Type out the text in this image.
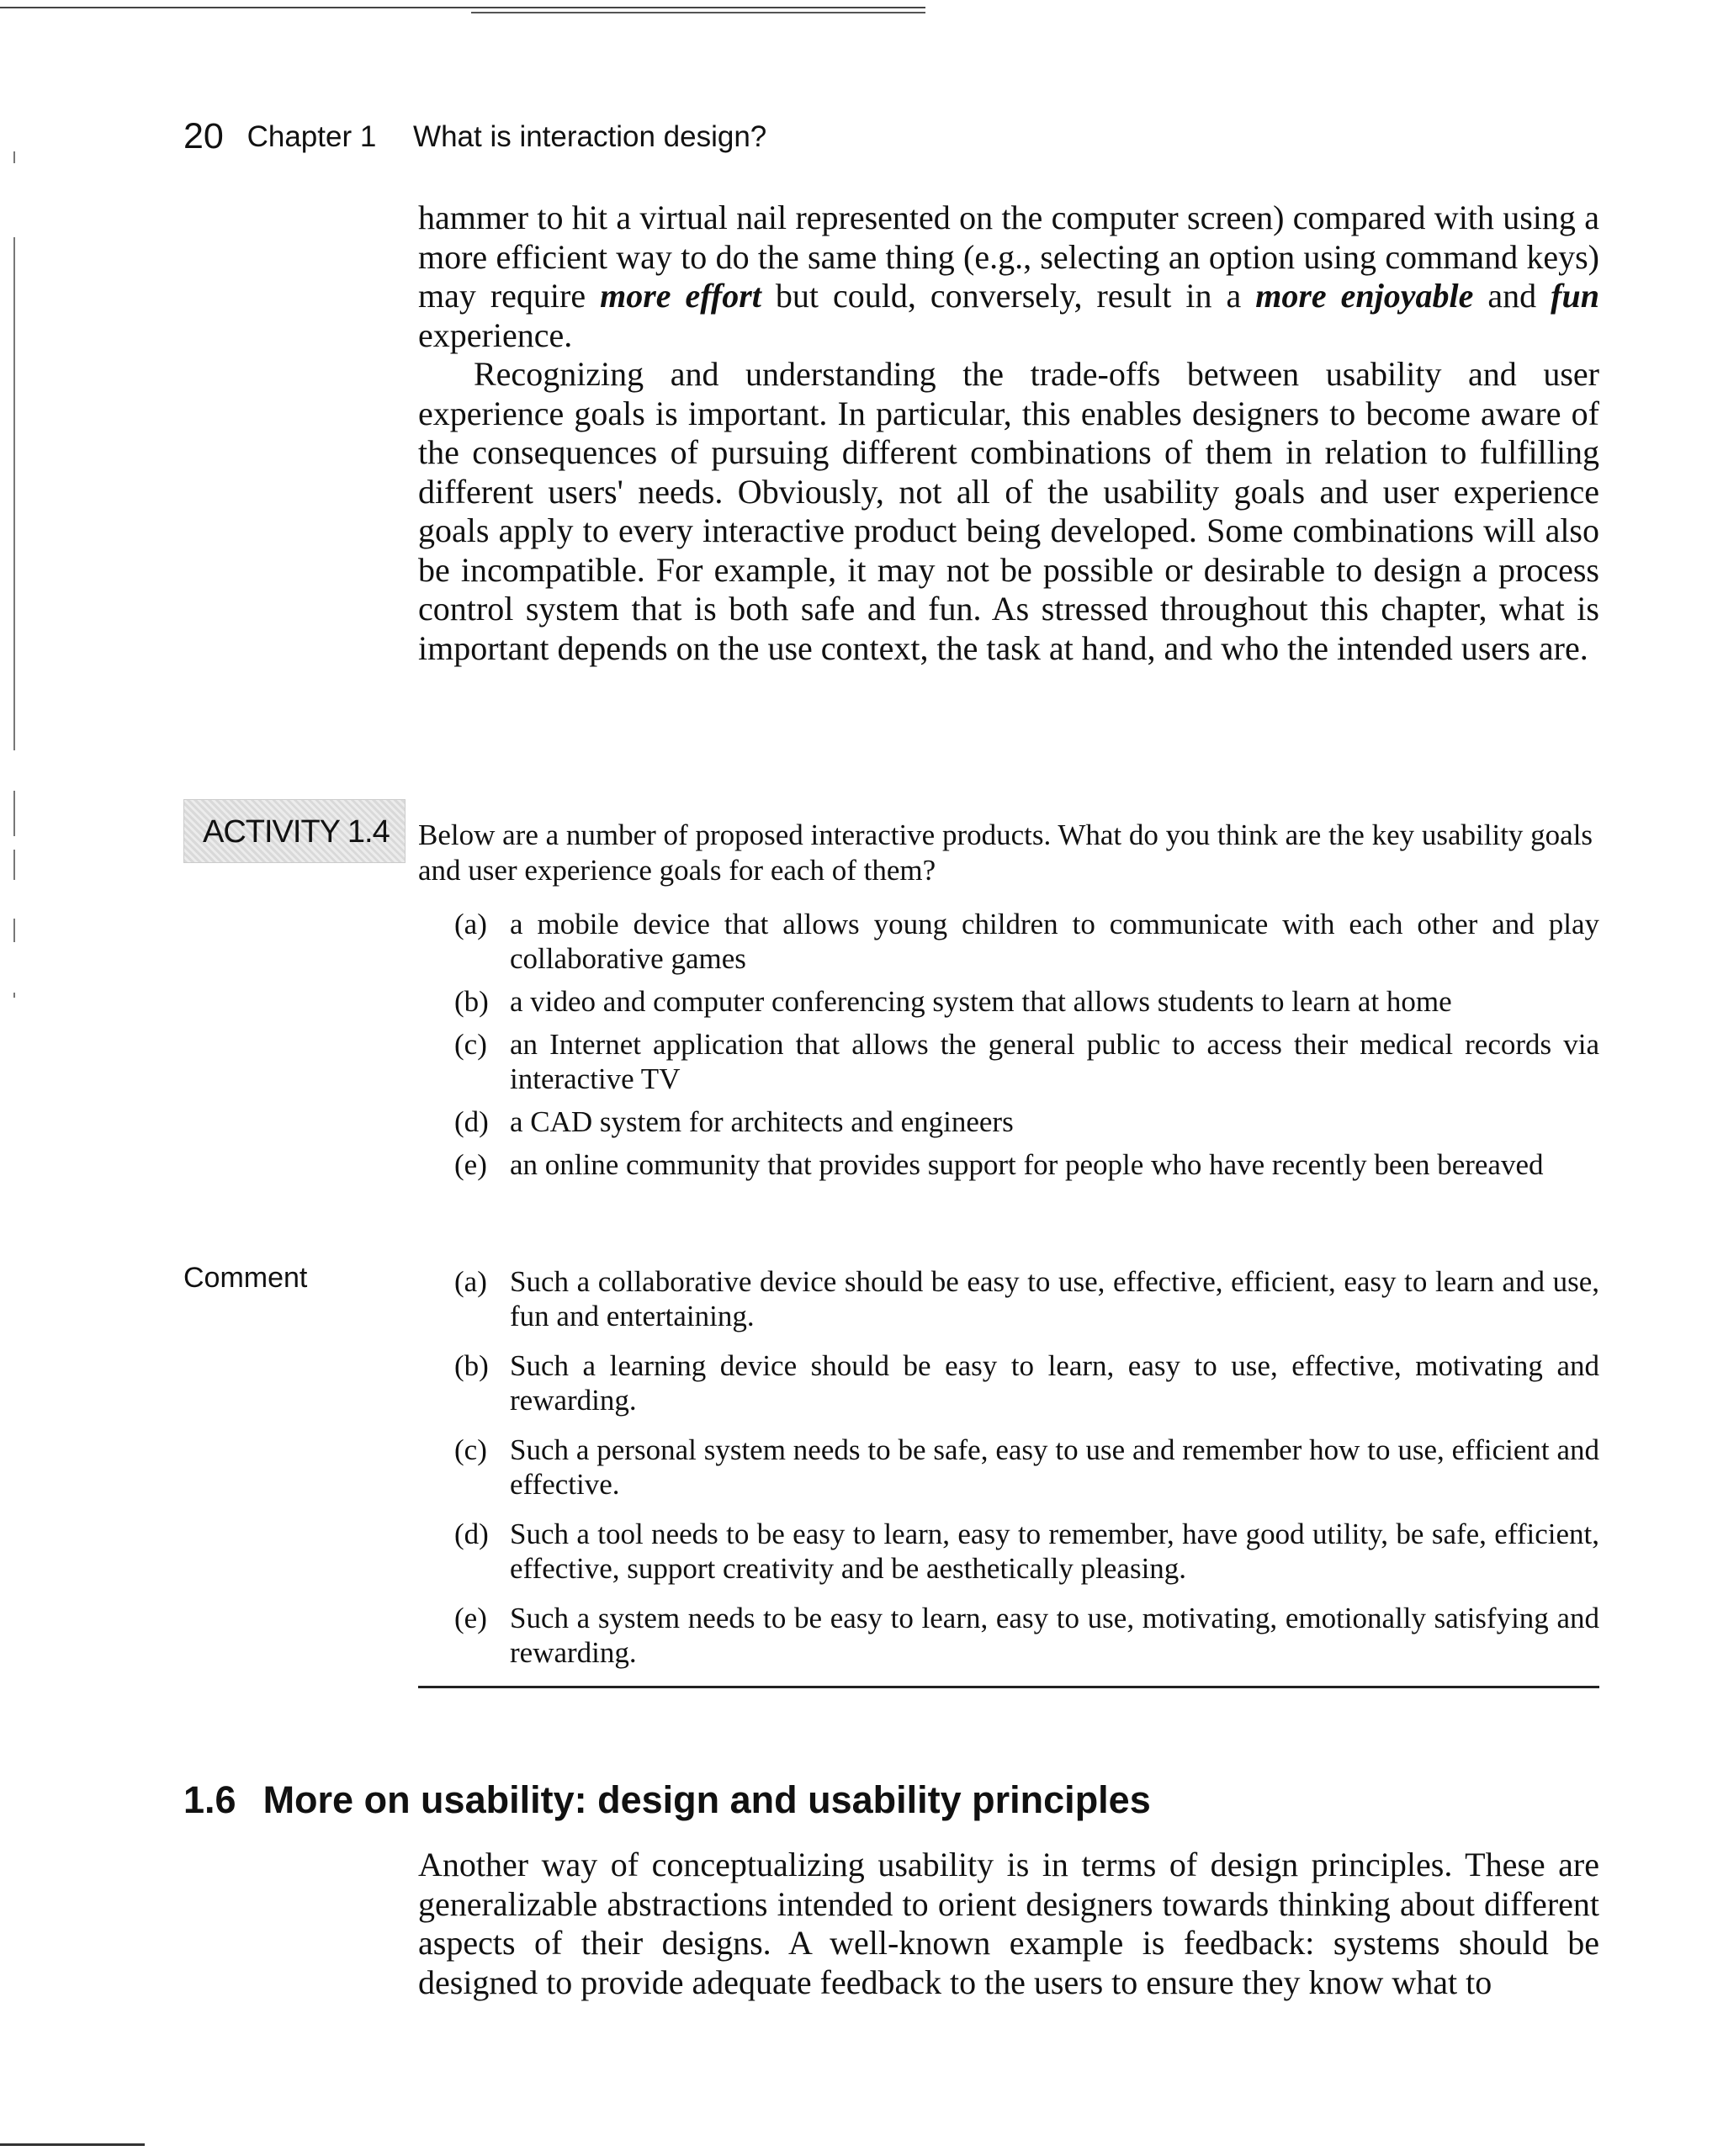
20 Chapter 1 What is interaction design?

hammer to hit a virtual nail represented on the computer screen) compared with using a more efficient way to do the same thing (e.g., selecting an option using command keys) may require more effort but could, conversely, result in a more enjoyable and fun experience.

Recognizing and understanding the trade-offs between usability and user experience goals is important. In particular, this enables designers to become aware of the consequences of pursuing different combinations of them in relation to fulfilling different users' needs. Obviously, not all of the usability goals and user experience goals apply to every interactive product being developed. Some combinations will also be incompatible. For example, it may not be possible or desirable to design a process control system that is both safe and fun. As stressed throughout this chapter, what is important depends on the use context, the task at hand, and who the intended users are.

ACTIVITY 1.4 Below are a number of proposed interactive products. What do you think are the key usability goals and user experience goals for each of them?
(a) a mobile device that allows young children to communicate with each other and play collaborative games
(b) a video and computer conferencing system that allows students to learn at home
(c) an Internet application that allows the general public to access their medical records via interactive TV
(d) a CAD system for architects and engineers
(e) an online community that provides support for people who have recently been bereaved
Comment	(a) Such a collaborative device should be easy to use, effective, efficient, easy to learn and use, fun and entertaining.
(b) Such a learning device should be easy to learn, easy to use, effective, motivating and rewarding.
(c) Such a personal system needs to be safe, easy to use and remember how to use, efficient and effective.
(d) Such a tool needs to be easy to learn, easy to remember, have good utility, be safe, efficient, effective, support creativity and be aesthetically pleasing.
(e) Such a system needs to be easy to learn, easy to use, motivating, emotionally satisfying and rewarding.
1.6 More on usability: design and usability principles

Another way of conceptualizing usability is in terms of design principles. These are generalizable abstractions intended to orient designers towards thinking about different aspects of their designs. A well-known example is feedback: systems should be designed to provide adequate feedback to the users to ensure they know what to
